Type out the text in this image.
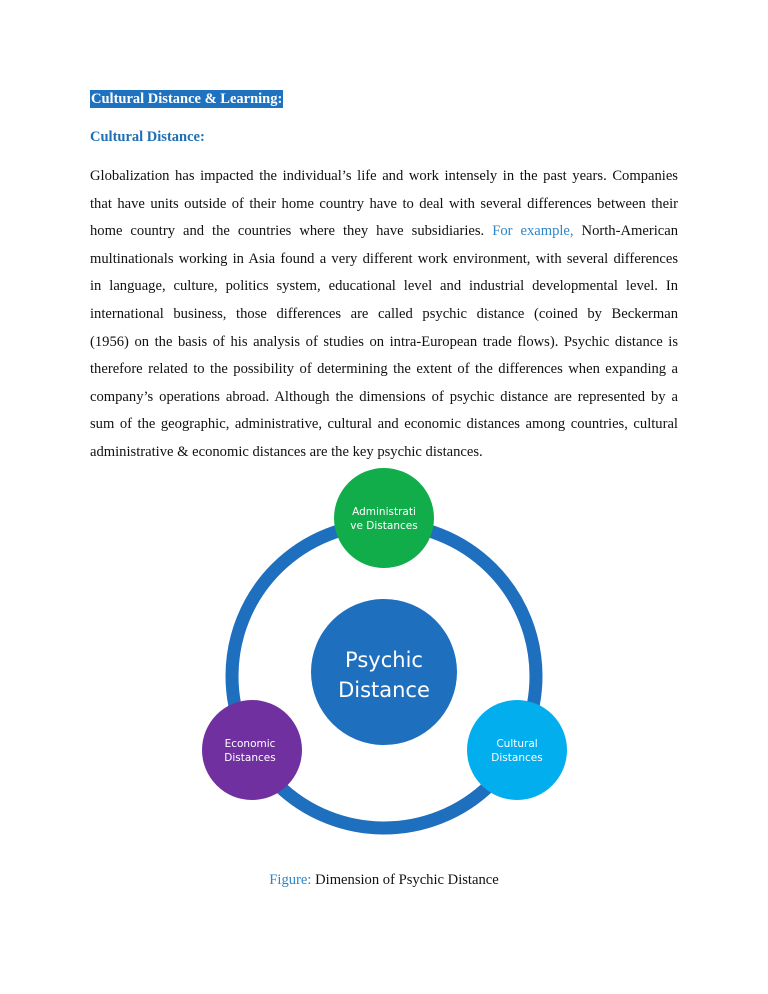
Cultural Distance & Learning:
Cultural Distance:
Globalization has impacted the individual’s life and work intensely in the past years. Companies
that have units outside of their home country have to deal with several differences between their
home country and the countries where they have subsidiaries. For example, North-American
multinationals working in Asia found a very different work environment, with several differences
in language, culture, politics system, educational level and industrial developmental level. In
international business, those differences are called psychic distance (coined by Beckerman
(1956) on the basis of his analysis of studies on intra-European trade flows). Psychic distance is
therefore related to the possibility of determining the extent of the differences when expanding a
company’s operations abroad. Although the dimensions of psychic distance are represented by a
sum of the geographic, administrative, cultural and economic distances among countries, cultural
administrative & economic distances are the key psychic distances.
Psychic
Distance
Administrati
ve Distances
Cultural
Distances
Economic
Distances
Figure: Dimension of Psychic Distance
